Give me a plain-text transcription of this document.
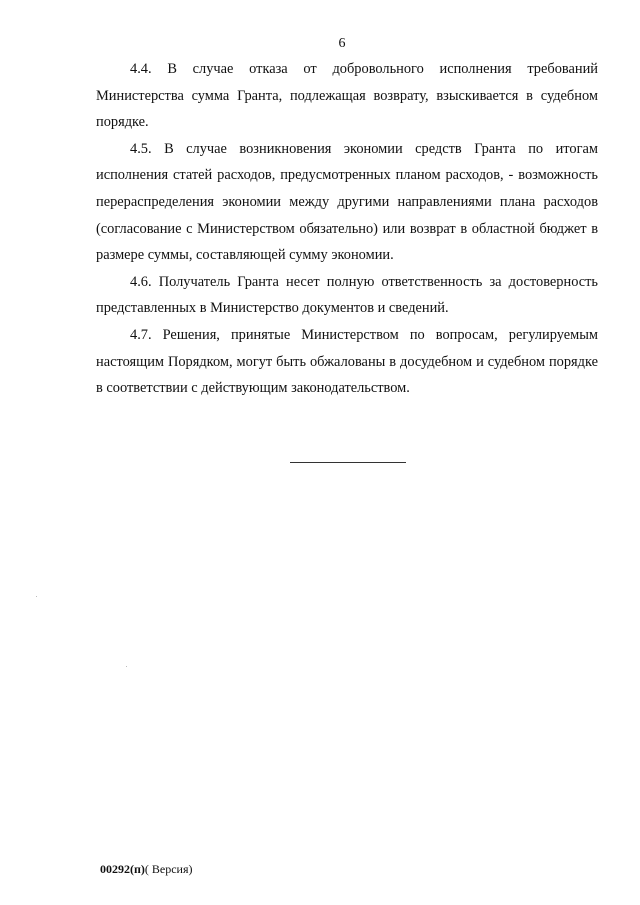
6

4.4. В случае отказа от добровольного исполнения требований Министерства сумма Гранта, подлежащая возврату, взыскивается в судебном порядке.

4.5. В случае возникновения экономии средств Гранта по итогам исполнения статей расходов, предусмотренных планом расходов, - возможность перераспределения экономии между другими направлениями плана расходов (согласование с Министерством обязательно) или возврат в областной бюджет в размере суммы, составляющей сумму экономии.

4.6. Получатель Гранта несет полную ответственность за достоверность представленных в Министерство документов и сведений.

4.7. Решения, принятые Министерством по вопросам, регулируемым настоящим Порядком, могут быть обжалованы в досудебном и судебном порядке в соответствии с действующим законодательством.

00292(п)( Версия)
